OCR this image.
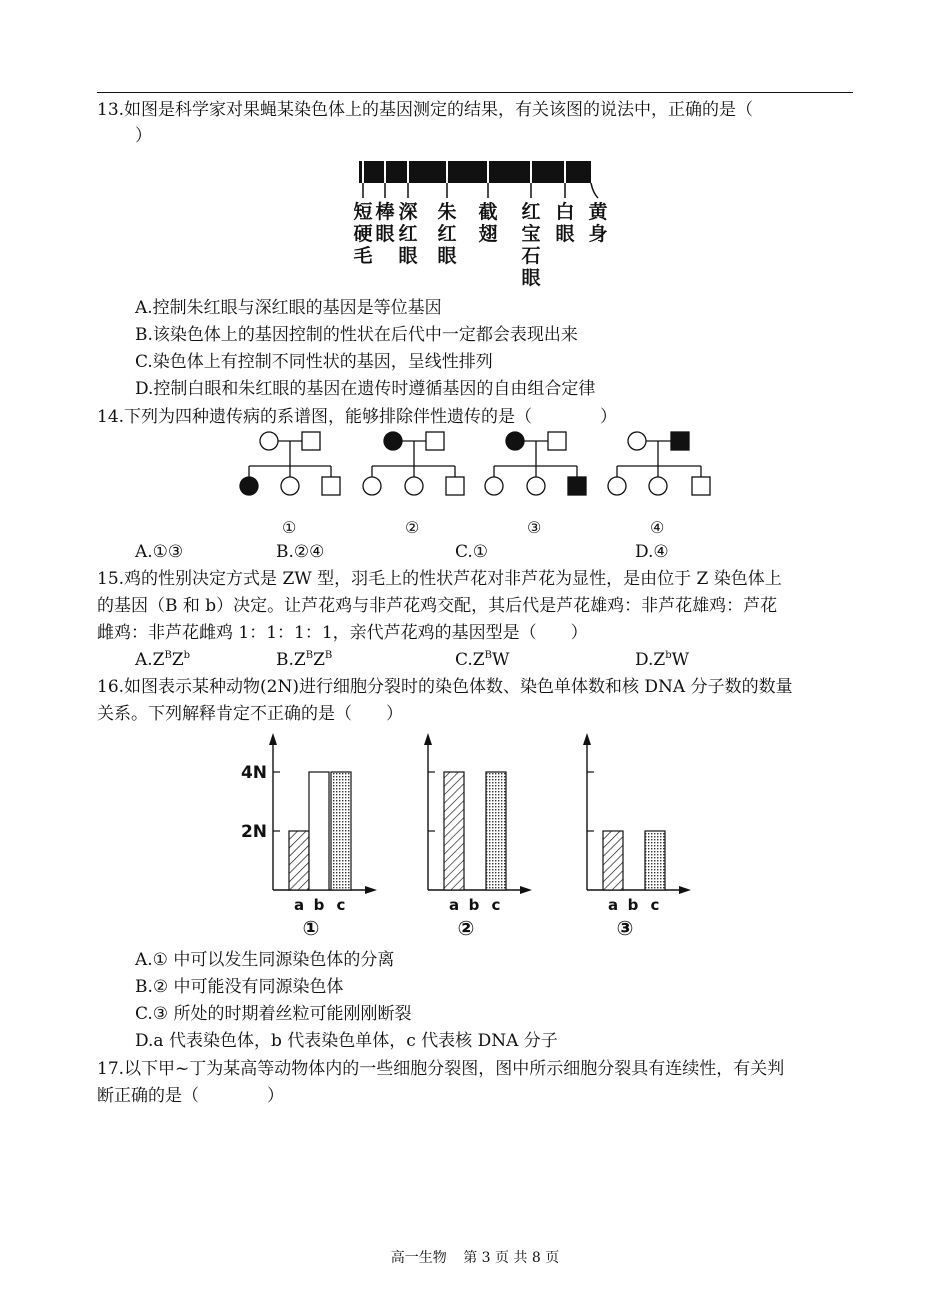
13.如图是科学家对果蝇某染色体上的基因测定的结果，有关该图的说法中，正确的是（
）
短
硬
毛
棒
眼
深
红
眼
朱
红
眼
截
翅
红
宝
石
眼
白
眼
黄
身
A.控制朱红眼与深红眼的基因是等位基因
B.该染色体上的基因控制的性状在后代中一定都会表现出来
C.染色体上有控制不同性状的基因，呈线性排列
D.控制白眼和朱红眼的基因在遗传时遵循基因的自由组合定律
14.下列为四种遗传病的系谱图，能够排除伴性遗传的是（　　　　）
①	②	③	④
A.①③	B.②④	C.①	D.④
15.鸡的性别决定方式是 ZW 型，羽毛上的性状芦花对非芦花为显性，是由位于 Z 染色体上
的基因（B 和 b）决定。让芦花鸡与非芦花鸡交配，其后代是芦花雄鸡：非芦花雄鸡：芦花
雌鸡：非芦花雌鸡 1：1：1：1，亲代芦花鸡的基因型是（　　）
$A.Z^BZ^b$	$B.Z^BZ^B$	$C.Z^BW$	$D.Z^bW$
16.如图表示某种动物(2N)进行细胞分裂时的染色体数、染色单体数和核 DNA 分子数的数量
关系。下列解释肯定不正确的是（　　）
4N
2N
a b c
①
a b c
②
a b c
③
A.① 中可以发生同源染色体的分离
B.② 中可能没有同源染色体
C.③ 所处的时期着丝粒可能刚刚断裂
D.a 代表染色体，b 代表染色单体，c 代表核 DNA 分子
17.以下甲~丁为某高等动物体内的一些细胞分裂图，图中所示细胞分裂具有连续性，有关判
断正确的是（　　　　）
高一生物 第 3 页 共 8 页
